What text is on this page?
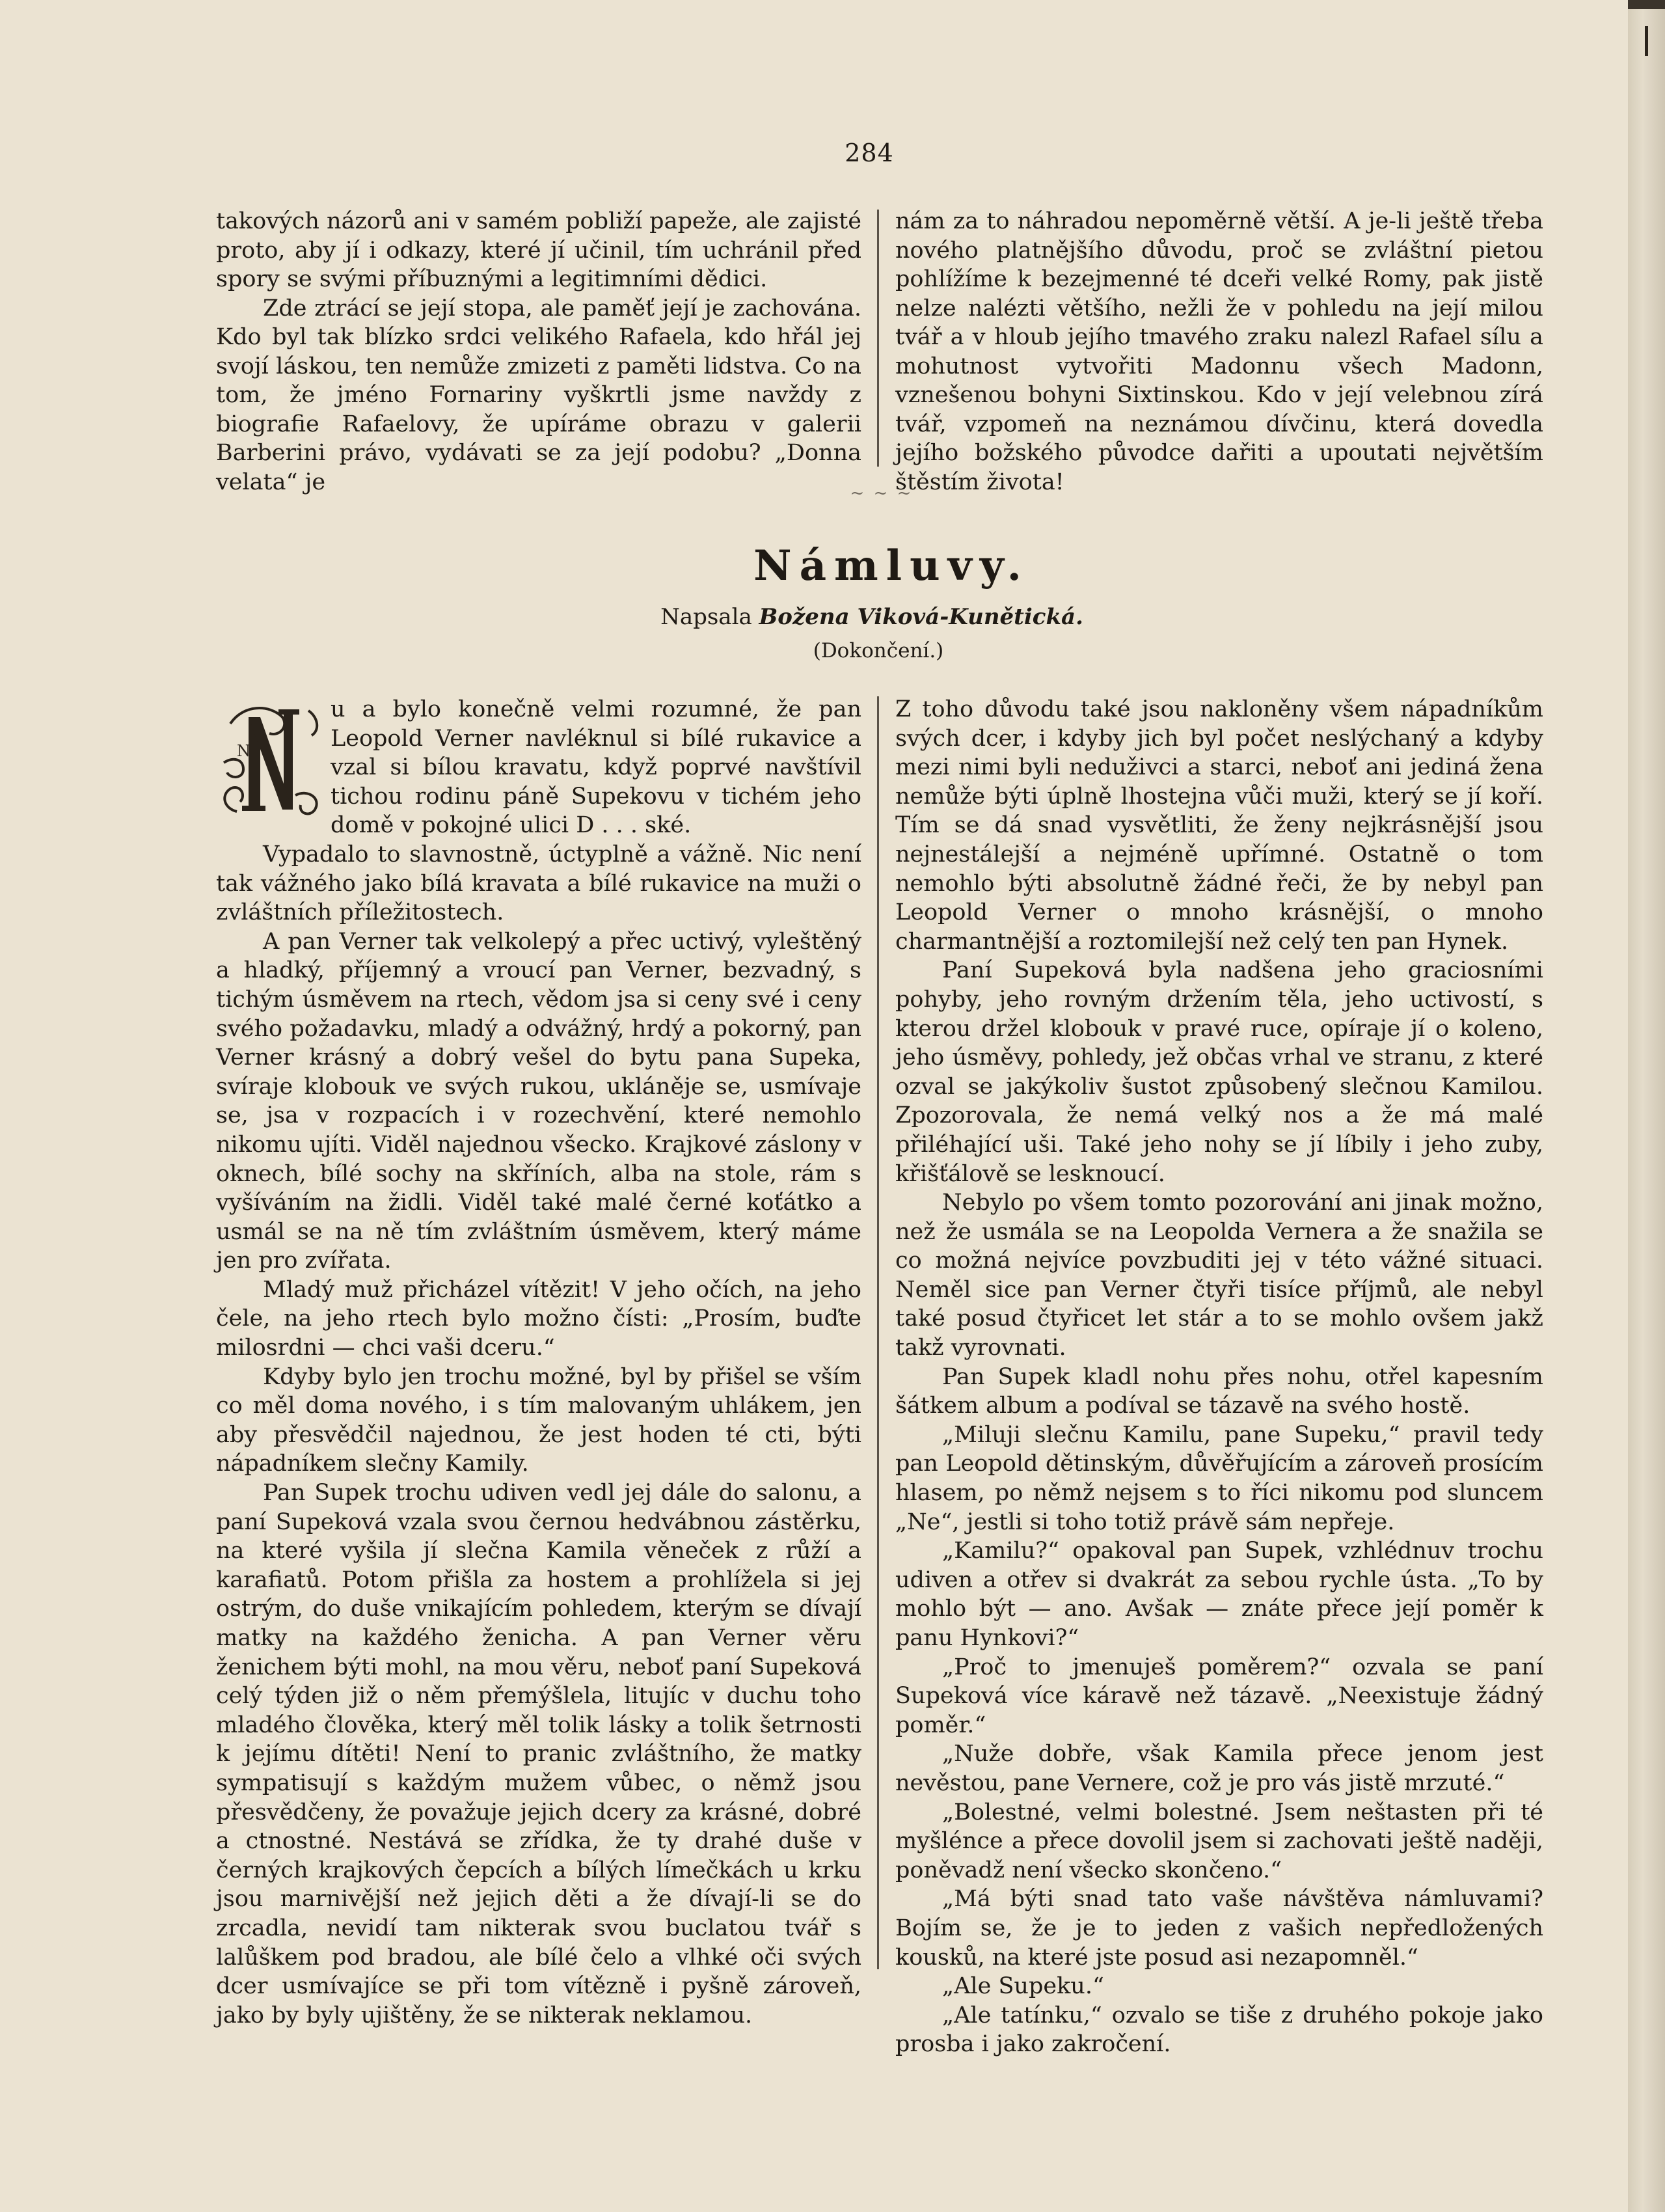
284

takových názorů ani v samém pobliží papeže, ale zajisté proto, aby jí i odkazy, které jí učinil, tím uchránil před spory se svými příbuznými a legitimními dědici.

Zde ztrácí se její stopa, ale paměť její je zachována. Kdo byl tak blízko srdci velikého Rafaela, kdo hřál jej svojí láskou, ten nemůže zmizeti z paměti lidstva. Co na tom, že jméno Fornariny vyškrtli jsme navždy z biografie Rafaelovy, že upíráme obrazu v galerii Barberini právo, vydávati se za její podobu? „Donna velata“ je

nám za to náhradou nepoměrně větší. A je-li ještě třeba nového platnějšího důvodu, proč se zvláštní pietou pohlížíme k bezejmenné té dceři velké Romy, pak jistě nelze nalézti většího, nežli že v pohledu na její milou tvář a v hloub jejího tmavého zraku nalezl Rafael sílu a mohutnost vytvořiti Madonnu všech Madonn, vznešenou bohyni Sixtinskou. Kdo v její velebnou zírá tvář, vzpomeň na neznámou dívčinu, která dovedla jejího božského původce dařiti a upoutati největším štěstím života!

~ ~ ~
Námluvy.
Napsala Božena Viková-Kunětická.
(Dokončení.)
N

u a bylo konečně velmi rozumné, že pan Leopold Verner navléknul si bílé rukavice a vzal si bílou kravatu, když poprvé navštívil tichou rodinu páně Supekovu v tichém jeho domě v pokojné ulici D . . . ské.

Vypadalo to slavnostně, úctyplně a vážně. Nic není tak vážného jako bílá kravata a bílé rukavice na muži o zvláštních příležitostech.

A pan Verner tak velkolepý a přec uctivý, vyleštěný a hladký, příjemný a vroucí pan Verner, bezvadný, s tichým úsměvem na rtech, vědom jsa si ceny své i ceny svého požadavku, mladý a odvážný, hrdý a pokorný, pan Verner krásný a dobrý vešel do bytu pana Supeka, svíraje klobouk ve svých rukou, ukláněje se, usmívaje se, jsa v rozpacích i v rozechvění, které nemohlo nikomu ujíti. Viděl najednou všecko. Krajkové záslony v oknech, bílé sochy na skříních, alba na stole, rám s vyšíváním na židli. Viděl také malé černé koťátko a usmál se na ně tím zvláštním úsměvem, který máme jen pro zvířata.

Mladý muž přicházel vítězit! V jeho očích, na jeho čele, na jeho rtech bylo možno čísti: „Prosím, buďte milosrdni — chci vaši dceru.“

Kdyby bylo jen trochu možné, byl by přišel se vším co měl doma nového, i s tím malovaným uhlákem, jen aby přesvědčil najednou, že jest hoden té cti, býti nápadníkem slečny Kamily.

Pan Supek trochu udiven vedl jej dále do salonu, a paní Supeková vzala svou černou hedvábnou zástěrku, na které vyšila jí slečna Kamila věneček z růží a karafiatů. Potom přišla za hostem a prohlížela si jej ostrým, do duše vnikajícím pohledem, kterým se dívají matky na každého ženicha. A pan Verner věru ženichem býti mohl, na mou věru, neboť paní Supeková celý týden již o něm přemýšlela, litujíc v duchu toho mladého člověka, který měl tolik lásky a tolik šetrnosti k jejímu dítěti! Není to pranic zvláštního, že matky sympatisují s každým mužem vůbec, o němž jsou přesvědčeny, že považuje jejich dcery za krásné, dobré a ctnostné. Nestává se zřídka, že ty drahé duše v černých krajkových čepcích a bílých límečkách u krku jsou marnivější než jejich děti a že dívají-li se do zrcadla, nevidí tam nikterak svou buclatou tvář s lalůškem pod bradou, ale bílé čelo a vlhké oči svých dcer usmívajíce se při tom vítězně i pyšně zároveň, jako by byly ujištěny, že se nikterak neklamou.

Z toho důvodu také jsou nakloněny všem nápadníkům svých dcer, i kdyby jich byl počet neslýchaný a kdyby mezi nimi byli neduživci a starci, neboť ani jediná žena nemůže býti úplně lhostejna vůči muži, který se jí koří. Tím se dá snad vysvětliti, že ženy nejkrásnější jsou nejnestálejší a nejméně upřímné. Ostatně o tom nemohlo býti absolutně žádné řeči, že by nebyl pan Leopold Verner o mnoho krásnější, o mnoho charmantnější a roztomilejší než celý ten pan Hynek.

Paní Supeková byla nadšena jeho graciosními pohyby, jeho rovným držením těla, jeho uctivostí, s kterou držel klobouk v pravé ruce, opíraje jí o koleno, jeho úsměvy, pohledy, jež občas vrhal ve stranu, z které ozval se jakýkoliv šustot způsobený slečnou Kamilou. Zpozorovala, že nemá velký nos a že má malé přiléhající uši. Také jeho nohy se jí líbily i jeho zuby, křišťálově se lesknoucí.

Nebylo po všem tomto pozorování ani jinak možno, než že usmála se na Leopolda Vernera a že snažila se co možná nejvíce povzbuditi jej v této vážné situaci. Neměl sice pan Verner čtyři tisíce příjmů, ale nebyl také posud čtyřicet let stár a to se mohlo ovšem jakž takž vyrovnati.

Pan Supek kladl nohu přes nohu, otřel kapesním šátkem album a podíval se tázavě na svého hostě.

„Miluji slečnu Kamilu, pane Supeku,“ pravil tedy pan Leopold dětinským, důvěřujícím a zároveň prosícím hlasem, po němž nejsem s to říci nikomu pod sluncem „Ne“, jestli si toho totiž právě sám nepřeje.

„Kamilu?“ opakoval pan Supek, vzhlédnuv trochu udiven a otřev si dvakrát za sebou rychle ústa. „To by mohlo být — ano. Avšak — znáte přece její poměr k panu Hynkovi?“

„Proč to jmenuješ poměrem?“ ozvala se paní Supeková více káravě než tázavě. „Neexistuje žádný poměr.“

„Nuže dobře, však Kamila přece jenom jest nevěstou, pane Vernere, což je pro vás jistě mrzuté.“

„Bolestné, velmi bolestné. Jsem neštasten při té myšlénce a přece dovolil jsem si zachovati ještě naději, poněvadž není všecko skončeno.“

„Má býti snad tato vaše návštěva námluvami? Bojím se, že je to jeden z vašich nepředložených kousků, na které jste posud asi nezapomněl.“

„Ale Supeku.“

„Ale tatínku,“ ozvalo se tiše z druhého pokoje jako prosba i jako zakročení.
